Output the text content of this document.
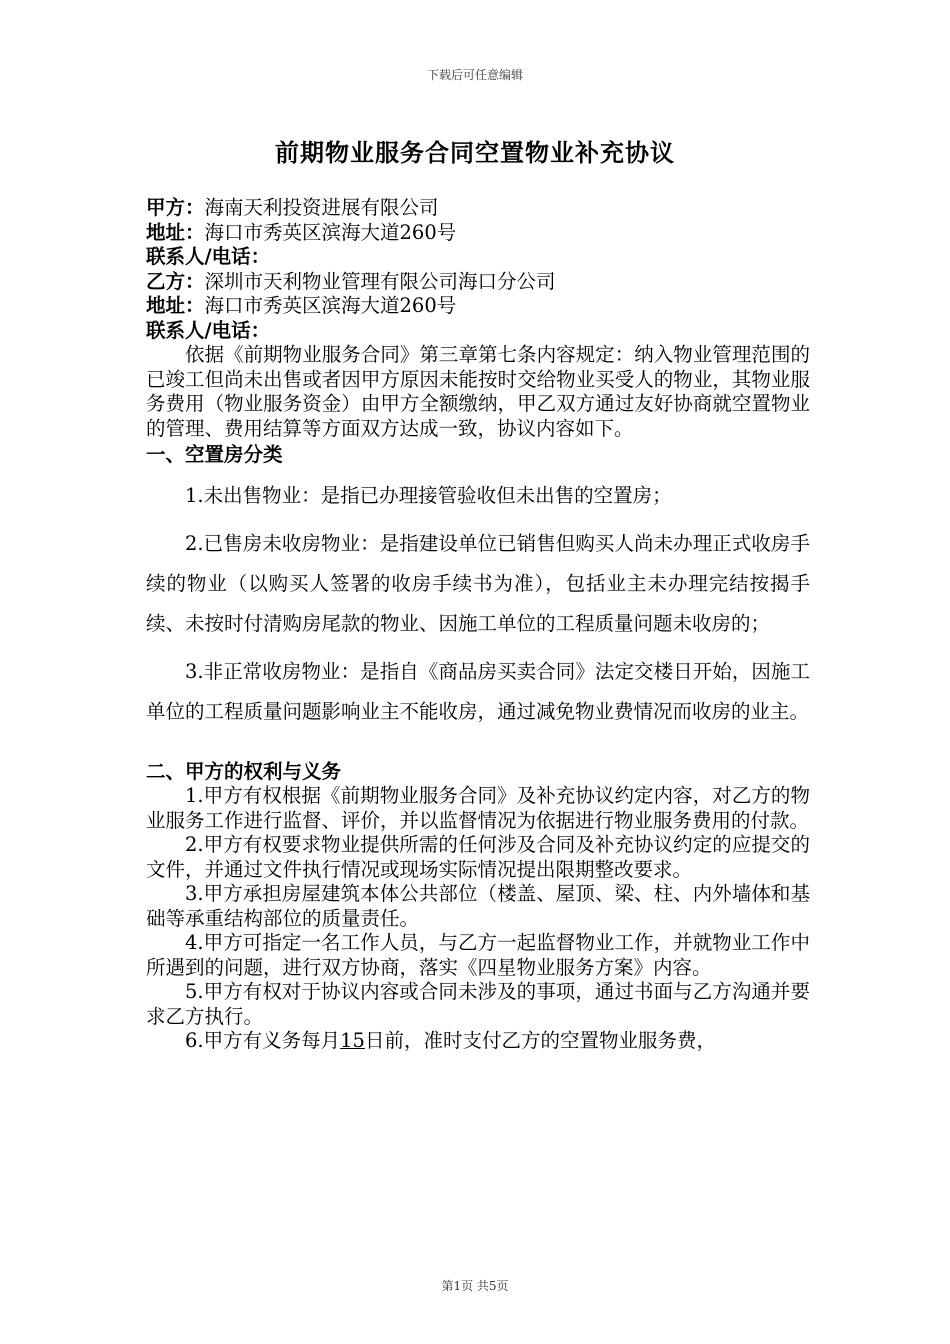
下载后可任意编辑
前期物业服务合同空置物业补充协议
甲方：海南天利投资进展有限公司
地址：海口市秀英区滨海大道260号
联系人/电话：
乙方：深圳市天利物业管理有限公司海口分公司
地址：海口市秀英区滨海大道260号
联系人/电话：

依据《前期物业服务合同》第三章第七条内容规定：纳入物业管理范围的已竣工但尚未出售或者因甲方原因未能按时交给物业买受人的物业，其物业服务费用（物业服务资金）由甲方全额缴纳，甲乙双方通过友好协商就空置物业的管理、费用结算等方面双方达成一致，协议内容如下。

一、空置房分类

1.未出售物业：是指已办理接管验收但未出售的空置房；

2.已售房未收房物业：是指建设单位已销售但购买人尚未办理正式收房手续的物业（以购买人签署的收房手续书为准），包括业主未办理完结按揭手续、未按时付清购房尾款的物业、因施工单位的工程质量问题未收房的；

3.非正常收房物业：是指自《商品房买卖合同》法定交楼日开始，因施工单位的工程质量问题影响业主不能收房，通过减免物业费情况而收房的业主。

二、甲方的权利与义务

1.甲方有权根据《前期物业服务合同》及补充协议约定内容，对乙方的物业服务工作进行监督、评价，并以监督情况为依据进行物业服务费用的付款。

2.甲方有权要求物业提供所需的任何涉及合同及补充协议约定的应提交的文件，并通过文件执行情况或现场实际情况提出限期整改要求。

3.甲方承担房屋建筑本体公共部位（楼盖、屋顶、梁、柱、内外墙体和基础等承重结构部位的质量责任。

4.甲方可指定一名工作人员，与乙方一起监督物业工作，并就物业工作中所遇到的问题，进行双方协商，落实《四星物业服务方案》内容。

5.甲方有权对于协议内容或合同未涉及的事项，通过书面与乙方沟通并要求乙方执行。

6.甲方有义务每月15日前，准时支付乙方的空置物业服务费，

第1页 共5页
